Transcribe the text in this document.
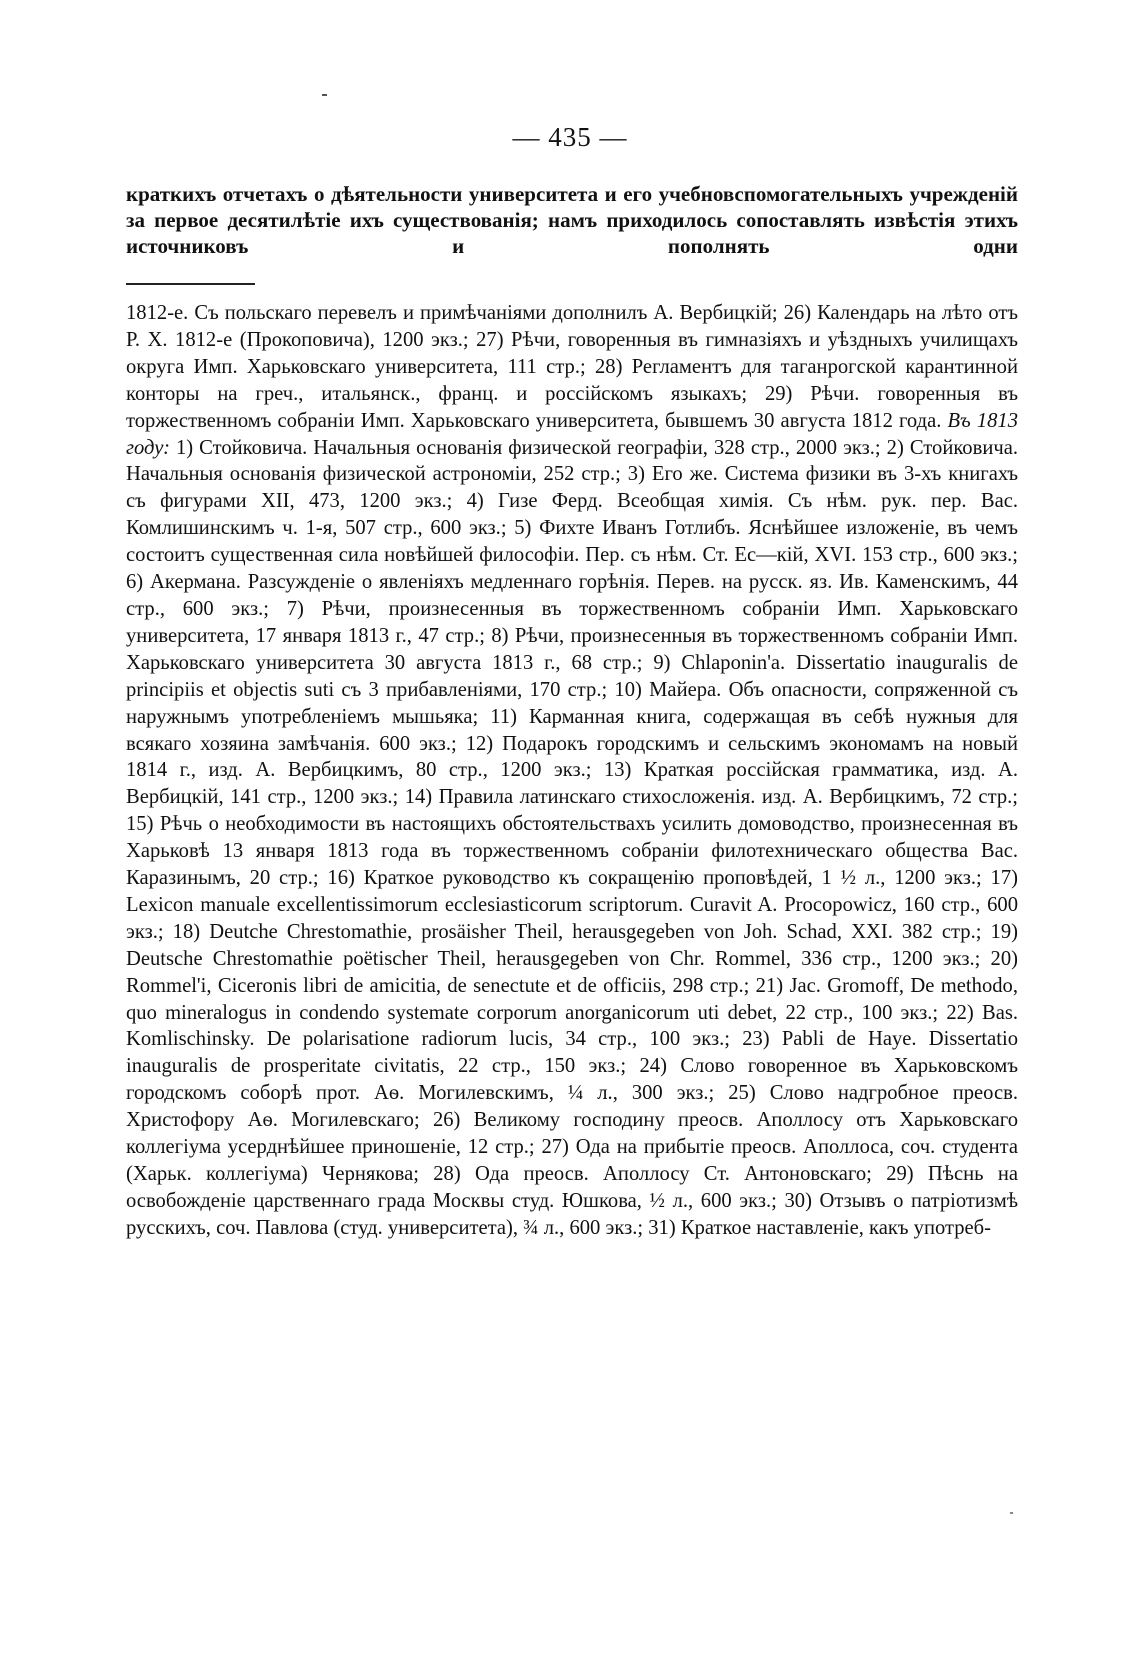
— 435 —
краткихъ отчетахъ о дѣятельности университета и его учебновспомогательныхъ учрежденій за первое десятилѣтіе ихъ существованія; намъ приходилось сопоставлять извѣстія этихъ источниковъ и пополнять одни
1812-е. Съ польскаго перевелъ и примѣчаніями дополнилъ А. Вербицкій; 26) Календарь на лѣто отъ Р. Х. 1812-е (Прокоповича), 1200 экз.; 27) Рѣчи, говоренныя въ гимназіяхъ и уѣздныхъ училищахъ округа Имп. Харьковскаго университета, 111 стр.; 28) Регламентъ для таганрогской карантинной конторы на греч., итальянск., франц. и россійскомъ языкахъ; 29) Рѣчи. говоренныя въ торжественномъ собраніи Имп. Харьковскаго университета, бывшемъ 30 августа 1812 года. Въ 1813 году: 1) Стойковича. Начальныя основанія физической географіи, 328 стр., 2000 экз.; 2) Стойковича. Начальныя основанія физической астрономіи, 252 стр.; 3) Его же. Система физики въ 3-хъ книгахъ съ фигурами XII, 473, 1200 экз.; 4) Гизе Ферд. Всеобщая химія. Съ нѣм. рук. пер. Вас. Комлишинскимъ ч. 1-я, 507 стр., 600 экз.; 5) Фихте Иванъ Готлибъ. Яснѣйшее изложеніе, въ чемъ состоитъ существенная сила новѣйшей философіи. Пер. съ нѣм. Ст. Ес—кій, XVI. 153 стр., 600 экз.; 6) Акермана. Разсужденіе о явленіяхъ медленнаго горѣнія. Перев. на русск. яз. Ив. Каменскимъ, 44 стр., 600 экз.; 7) Рѣчи, произнесенныя въ торжественномъ собраніи Имп. Харьковскаго университета, 17 января 1813 г., 47 стр.; 8) Рѣчи, произнесенныя въ торжественномъ собраніи Имп. Харьковскаго университета 30 августа 1813 г., 68 стр.; 9) Chlaponin'a. Dissertatio inauguralis de principiis et objectis suti съ 3 прибавленіями, 170 стр.; 10) Майера. Объ опасности, сопряженной съ наружнымъ употребленіемъ мышьяка; 11) Карманная книга, содержащая въ себѣ нужныя для всякаго хозяина замѣчанія. 600 экз.; 12) Подарокъ городскимъ и сельскимъ экономамъ на новый 1814 г., изд. А. Вербицкимъ, 80 стр., 1200 экз.; 13) Краткая россійская грамматика, изд. А. Вербицкій, 141 стр., 1200 экз.; 14) Правила латинскаго стихосложенія. изд. А. Вербицкимъ, 72 стр.; 15) Рѣчь о необходимости въ настоящихъ обстоятельствахъ усилить домоводство, произнесенная въ Харьковѣ 13 января 1813 года въ торжественномъ собраніи филотехническаго общества Вас. Каразинымъ, 20 стр.; 16) Краткое руководство къ сокращенію проповѣдей, 1 ½ л., 1200 экз.; 17) Lexicon manuale excellentissimorum ecclesiasticorum scriptorum. Curavit A. Procopowicz, 160 стр., 600 экз.; 18) Deutche Chrestomathie, prosäisher Theil, herausgegeben von Joh. Schad, XXI. 382 стр.; 19) Deutsche Chrestomathie poëtischer Theil, herausgegeben von Chr. Rommel, 336 стр., 1200 экз.; 20) Rommel'i, Ciceronis libri de amicitia, de senectute et de officiis, 298 стр.; 21) Jac. Gromoff, De methodo, quo mineralogus in condendo systemate corporum anorganicorum uti debet, 22 стр., 100 экз.; 22) Bas. Komlischinsky. De polarisatione radiorum lucis, 34 стр., 100 экз.; 23) Pabli de Haye. Dissertatio inauguralis de prosperitate civitatis, 22 стр., 150 экз.; 24) Слово говоренное въ Харьковскомъ городскомъ соборѣ прот. Аѳ. Могилевскимъ, ¼ л., 300 экз.; 25) Слово надгробное преосв. Христофору Аѳ. Могилевскаго; 26) Великому господину преосв. Аполлосу отъ Харьковскаго коллегіума усерднѣйшее приношеніе, 12 стр.; 27) Ода на прибытіе преосв. Аполлоса, соч. студента (Харьк. коллегіума) Чернякова; 28) Ода преосв. Аполлосу Ст. Антоновскаго; 29) Пѣснь на освобожденіе царственнаго града Москвы студ. Юшкова, ½ л., 600 экз.; 30) Отзывъ о патріотизмѣ русскихъ, соч. Павлова (студ. университета), ¾ л., 600 экз.; 31) Краткое наставленіе, какъ употреб-
